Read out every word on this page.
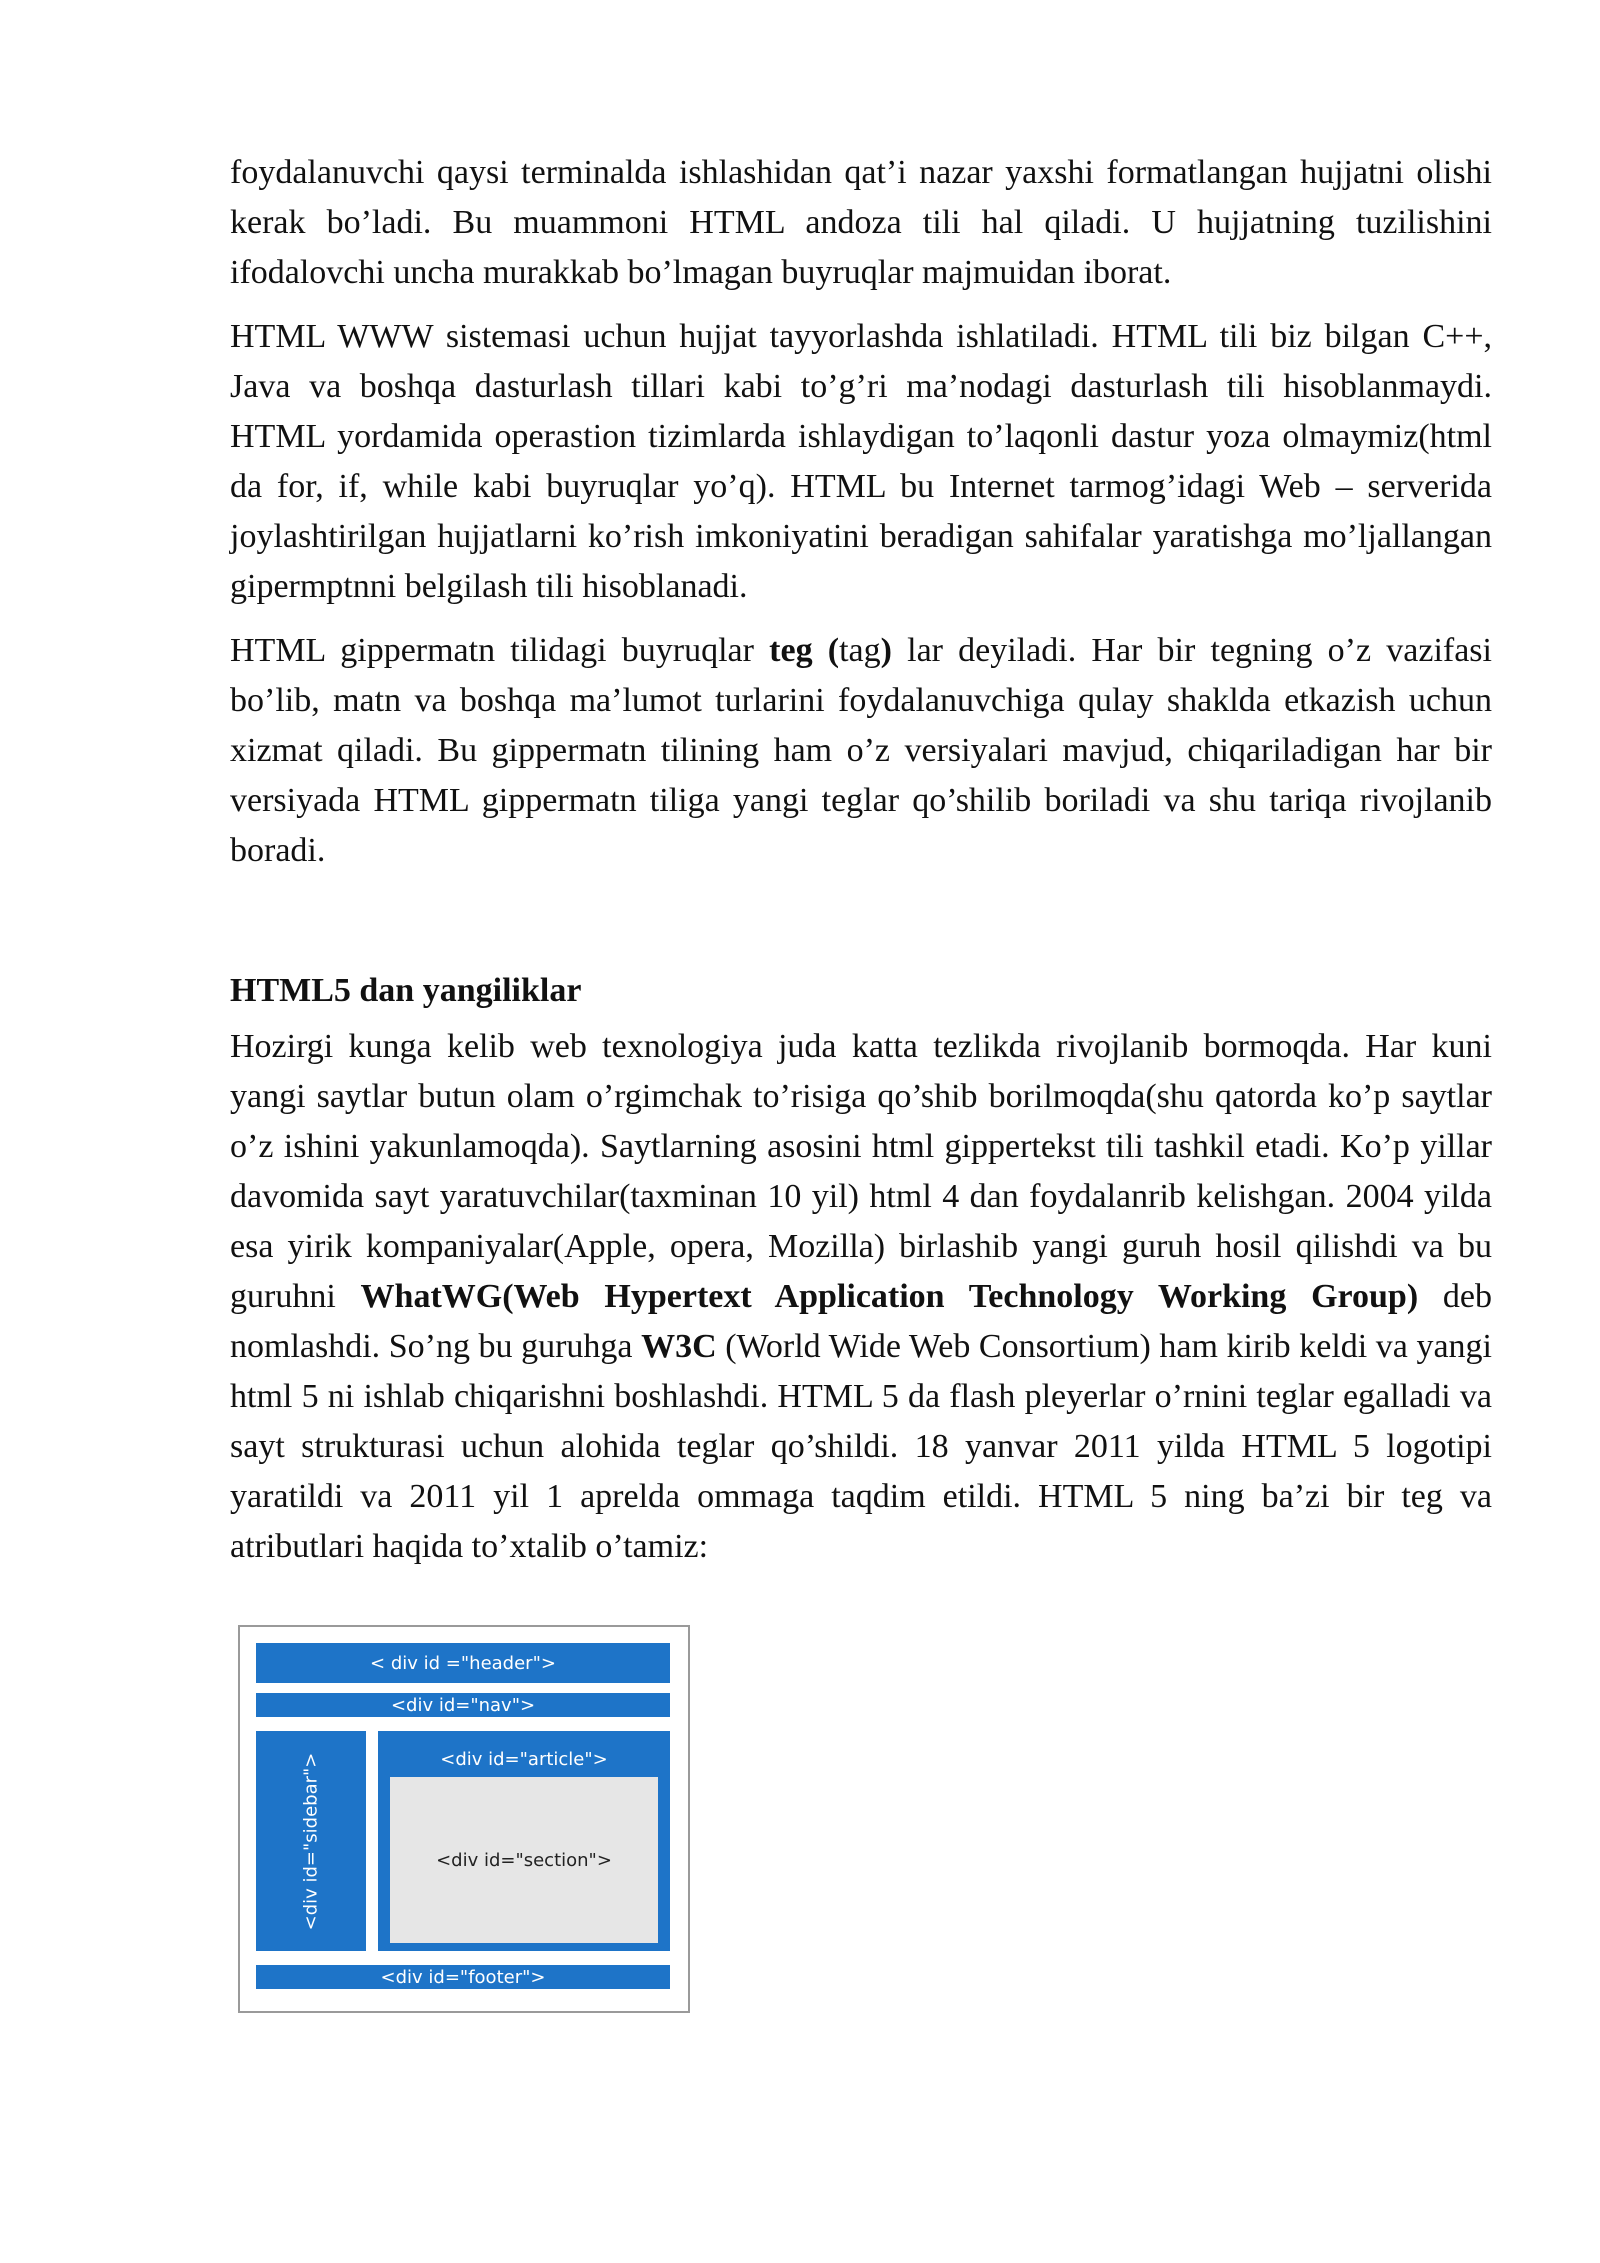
foydalanuvchi qaysi terminalda ishlashidan qat’i nazar yaxshi formatlangan hujjatni olishi kerak bo’ladi. Bu muammoni HTML andoza tili hal qiladi. U hujjatning tuzilishini ifodalovchi uncha murakkab bo’lmagan buyruqlar majmuidan iborat.

HTML WWW sistemasi uchun hujjat tayyorlashda ishlatiladi. HTML tili biz bilgan C++, Java va boshqa dasturlash tillari kabi to’g’ri ma’nodagi dasturlash tili hisoblanmaydi. HTML yordamida operastion tizimlarda ishlaydigan to’laqonli dastur yoza olmaymiz(html da for, if, while kabi buyruqlar yo’q). HTML bu Internet tarmog’idagi Web – serverida joylashtirilgan hujjatlarni ko’rish imkoniyatini beradigan sahifalar yaratishga mo’ljallangan gipermptnni belgilash tili hisoblanadi.

HTML gippermatn tilidagi buyruqlar teg (tag) lar deyiladi. Har bir tegning o’z vazifasi bo’lib, matn va boshqa ma’lumot turlarini foydalanuvchiga qulay shaklda etkazish uchun xizmat qiladi. Bu gippermatn tilining ham o’z versiyalari mavjud, chiqariladigan har bir versiyada HTML gippermatn tiliga yangi teglar qo’shilib boriladi va shu tariqa rivojlanib boradi.

HTML5 dan yangiliklar

Hozirgi kunga kelib web texnologiya juda katta tezlikda rivojlanib bormoqda. Har kuni yangi saytlar butun olam o’rgimchak to’risiga qo’shib borilmoqda(shu qatorda ko’p saytlar o’z ishini yakunlamoqda). Saytlarning asosini html gippertekst tili tashkil etadi. Ko’p yillar davomida sayt yaratuvchilar(taxminan 10 yil) html 4 dan foydalanrib kelishgan. 2004 yilda esa yirik kompaniyalar(Apple, opera, Mozilla) birlashib yangi guruh hosil qilishdi va bu guruhni WhatWG(Web Hypertext Application Technology Working Group) deb nomlashdi. So’ng bu guruhga W3C (World Wide Web Consortium) ham kirib keldi va yangi html 5 ni ishlab chiqarishni boshlashdi. HTML 5 da flash pleyerlar o’rnini teglar egalladi va sayt strukturasi uchun alohida teglar qo’shildi. 18 yanvar 2011 yilda HTML 5 logotipi yaratildi va 2011 yil 1 aprelda ommaga taqdim etildi. HTML 5 ning ba’zi bir teg va atributlari haqida to’xtalib o’tamiz:

< div id ="header">
<div id="nav">
<div id="sidebar">	<div id="article">
<div id="section">
<div id="footer">
